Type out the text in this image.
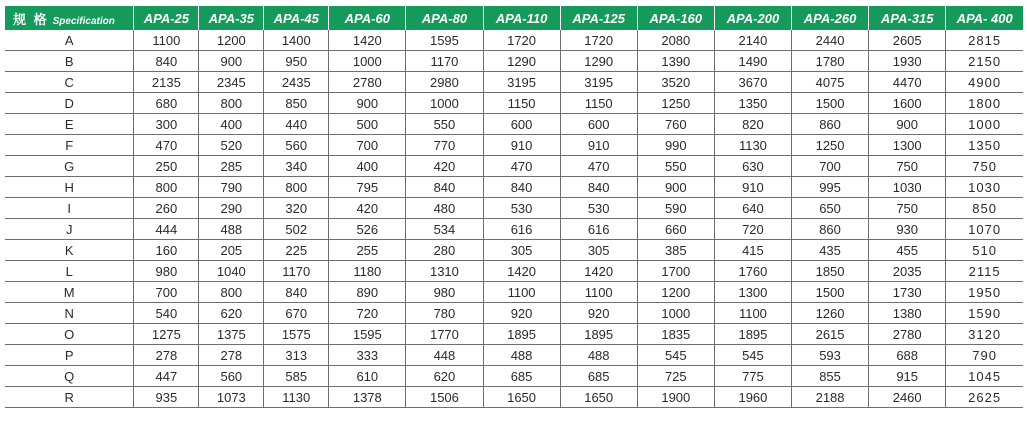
规 格 Specification	APA-25	APA-35	APA-45	APA-60	APA-80	APA-110	APA-125	APA-160	APA-200	APA-260	APA-315	APA- 400
A	1100	1200	1400	1420	1595	1720	1720	2080	2140	2440	2605	2815
B	840	900	950	1000	1170	1290	1290	1390	1490	1780	1930	2150
C	2135	2345	2435	2780	2980	3195	3195	3520	3670	4075	4470	4900
D	680	800	850	900	1000	1150	1150	1250	1350	1500	1600	1800
E	300	400	440	500	550	600	600	760	820	860	900	1000
F	470	520	560	700	770	910	910	990	1130	1250	1300	1350
G	250	285	340	400	420	470	470	550	630	700	750	750
H	800	790	800	795	840	840	840	900	910	995	1030	1030
I	260	290	320	420	480	530	530	590	640	650	750	850
J	444	488	502	526	534	616	616	660	720	860	930	1070
K	160	205	225	255	280	305	305	385	415	435	455	510
L	980	1040	1170	1180	1310	1420	1420	1700	1760	1850	2035	2115
M	700	800	840	890	980	1100	1100	1200	1300	1500	1730	1950
N	540	620	670	720	780	920	920	1000	1100	1260	1380	1590
O	1275	1375	1575	1595	1770	1895	1895	1835	1895	2615	2780	3120
P	278	278	313	333	448	488	488	545	545	593	688	790
Q	447	560	585	610	620	685	685	725	775	855	915	1045
R	935	1073	1130	1378	1506	1650	1650	1900	1960	2188	2460	2625
